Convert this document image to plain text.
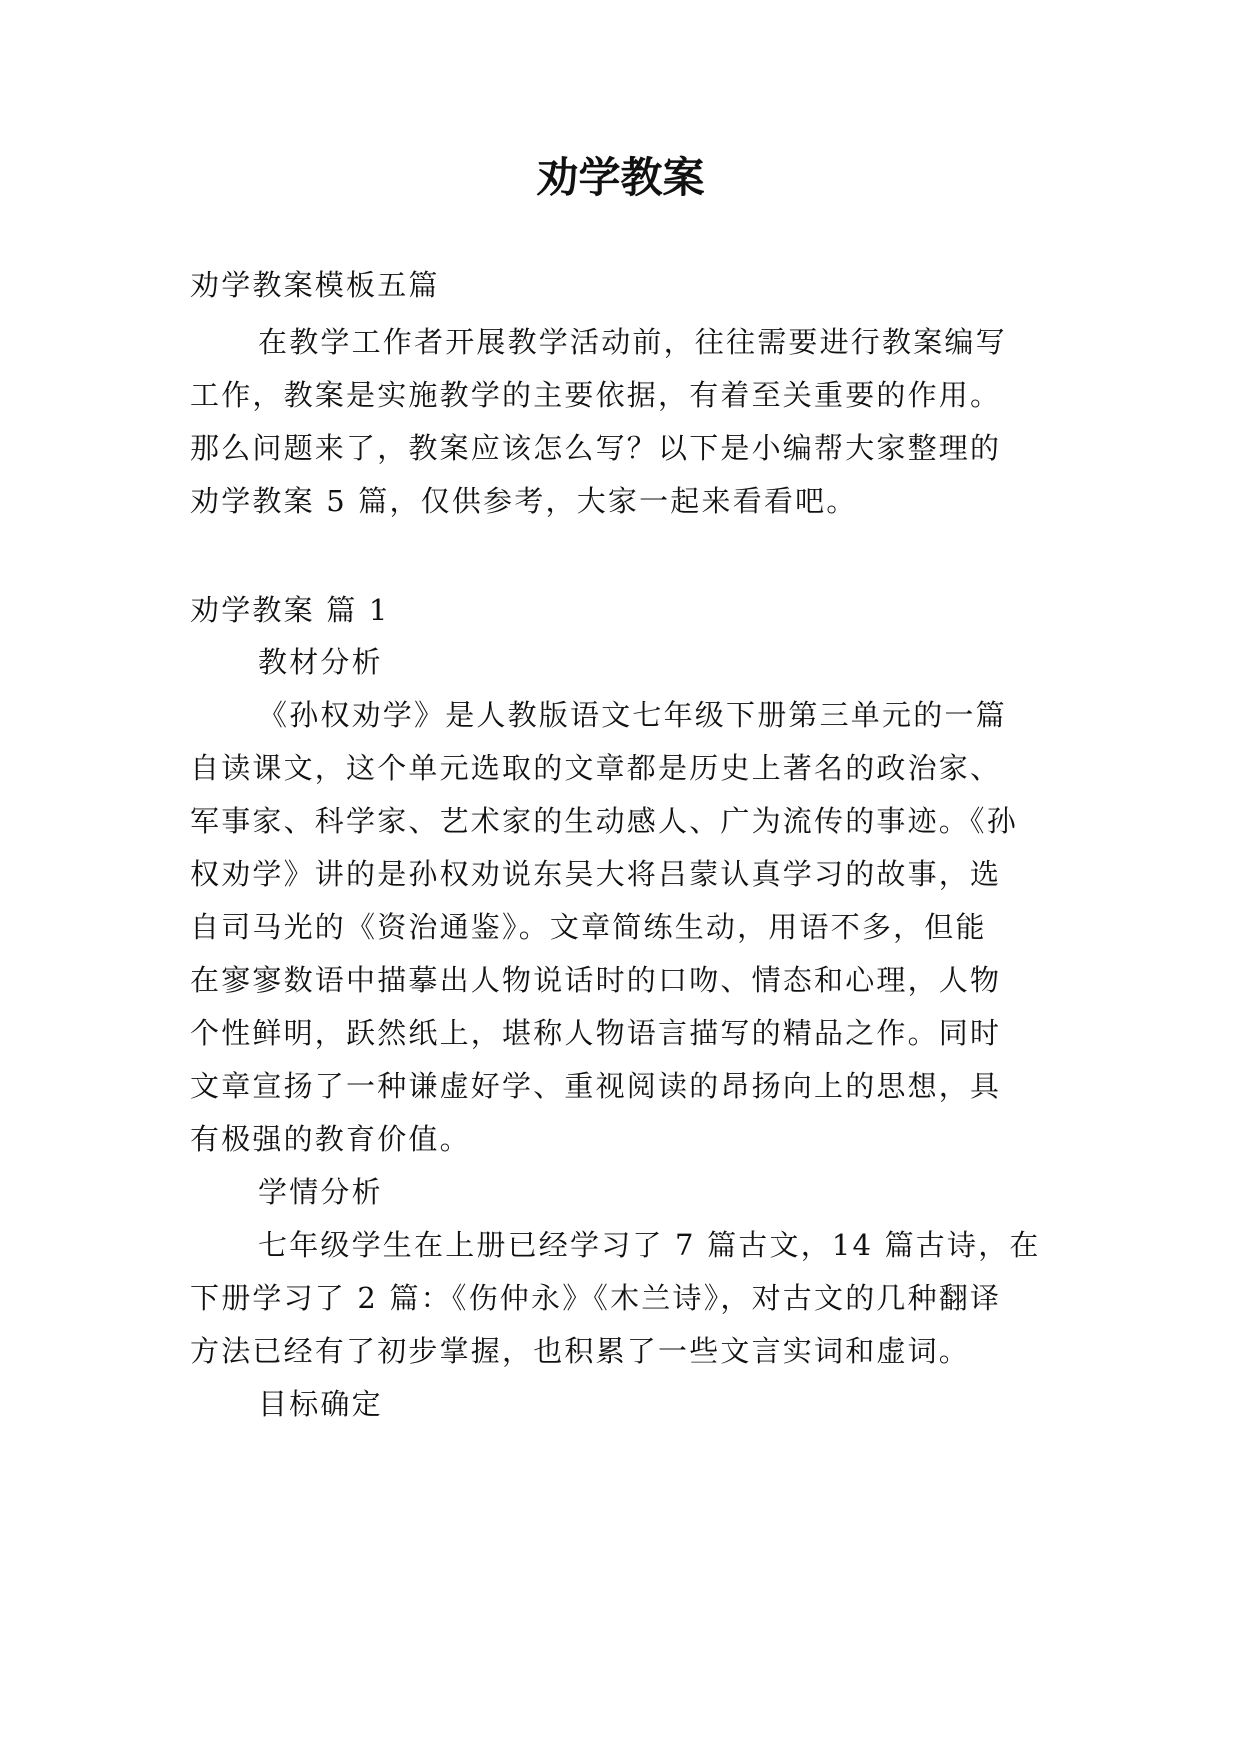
劝学教案
劝学教案模板五篇
在教学工作者开展教学活动前，往往需要进行教案编写
工作，教案是实施教学的主要依据，有着至关重要的作用。
那么问题来了，教案应该怎么写？以下是小编帮大家整理的
劝学教案 5 篇，仅供参考，大家一起来看看吧。
劝学教案 篇 1
教材分析
《孙权劝学》是人教版语文七年级下册第三单元的一篇
自读课文，这个单元选取的文章都是历史上著名的政治家、
军事家、科学家、艺术家的生动感人、广为流传的事迹。《孙
权劝学》讲的是孙权劝说东吴大将吕蒙认真学习的故事，选
自司马光的《资治通鉴》。文章简练生动，用语不多，但能
在寥寥数语中描摹出人物说话时的口吻、情态和心理，人物
个性鲜明，跃然纸上，堪称人物语言描写的精品之作。同时
文章宣扬了一种谦虚好学、重视阅读的昂扬向上的思想，具
有极强的教育价值。
学情分析
七年级学生在上册已经学习了 7 篇古文，14 篇古诗，在
下册学习了 2 篇：《伤仲永》《木兰诗》，对古文的几种翻译
方法已经有了初步掌握，也积累了一些文言实词和虚词。
目标确定
